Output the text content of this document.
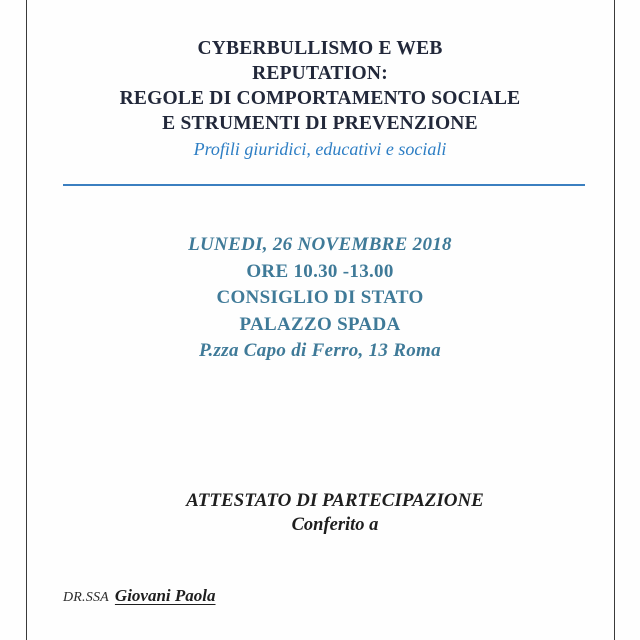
CYBERBULLISMO E WEB
REPUTATION:
REGOLE DI COMPORTAMENTO SOCIALE
E STRUMENTI DI PREVENZIONE
Profili giuridici, educativi e sociali
LUNEDI, 26 NOVEMBRE 2018
ORE 10.30 -13.00
CONSIGLIO DI STATO
PALAZZO SPADA
P.zza Capo di Ferro, 13 Roma
ATTESTATO DI PARTECIPAZIONE
Conferito a
DR.SSA Giovani Paola
